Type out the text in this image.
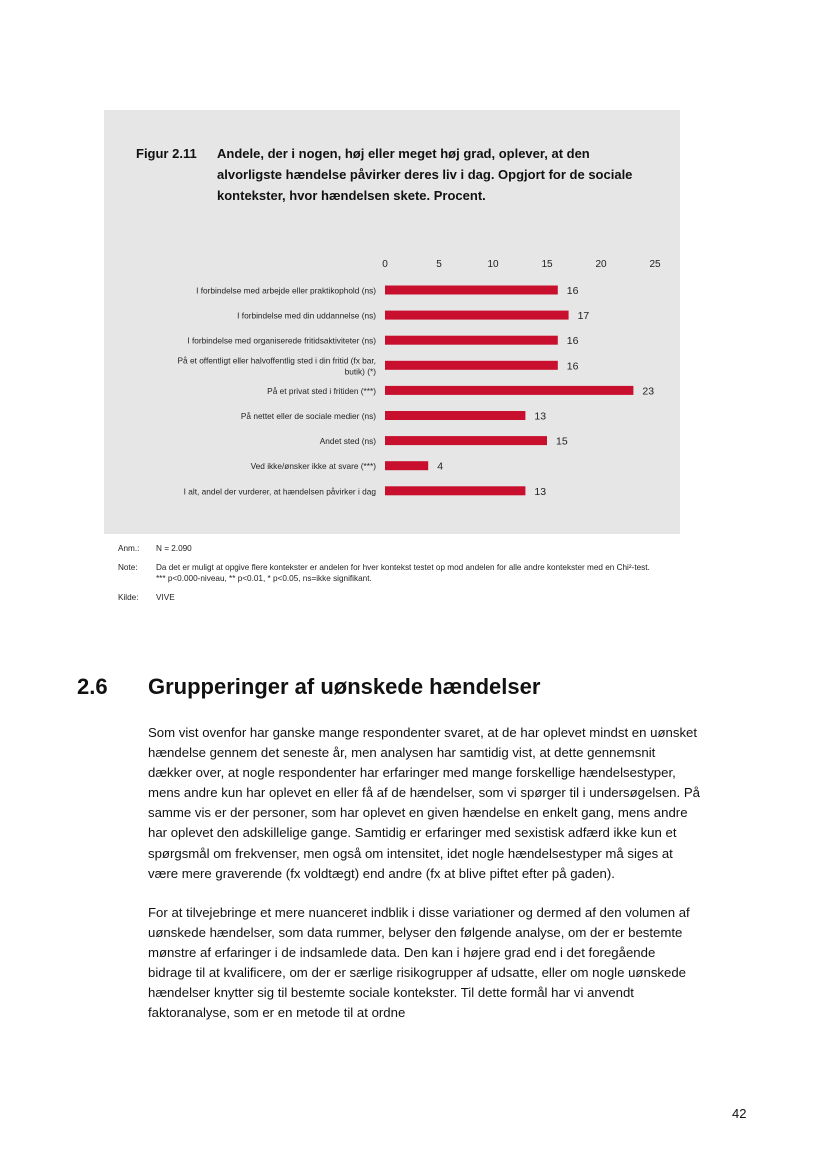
Figur 2.11 Andele, der i nogen, høj eller meget høj grad, oplever, at den alvorligste hændelse påvirker deres liv i dag. Opgjort for de sociale kontekster, hvor hændelsen skete. Procent.
0	5	10	15	20	25
16
I forbindelse med arbejde eller praktikophold (ns)
17
I forbindelse med din uddannelse (ns)
16
I forbindelse med organiserede fritidsaktiviteter (ns)
16
På et offentligt eller halvoffentlig sted i din fritid (fx bar, butik) (*)
23
På et privat sted i fritiden (***)
13
På nettet eller de sociale medier (ns)
15
Andet sted (ns)
4
Ved ikke/ønsker ikke at svare (***)
13
I alt, andel der vurderer, at hændelsen påvirker i dag
Anm.:	N = 2.090
Note:	Da det er muligt at opgive flere kontekster er andelen for hver kontekst testet op mod andelen for alle andre kontekster med en Chi²-test. *** p<0.000-niveau, ** p<0.01, * p<0.05, ns=ikke signifikant.
Kilde:	VIVE
2.6 Grupperinger af uønskede hændelser

Som vist ovenfor har ganske mange respondenter svaret, at de har oplevet mindst en uønsket hændelse gennem det seneste år, men analysen har samtidig vist, at dette gennemsnit dækker over, at nogle respondenter har erfaringer med mange forskellige hændelsestyper, mens andre kun har oplevet en eller få af de hændelser, som vi spørger til i undersøgelsen. På samme vis er der personer, som har oplevet en given hændelse en enkelt gang, mens andre har oplevet den adskillelige gange. Samtidig er erfaringer med sexistisk adfærd ikke kun et spørgsmål om frekvenser, men også om intensitet, idet nogle hændelsestyper må siges at være mere graverende (fx voldtægt) end andre (fx at blive piftet efter på gaden).

For at tilvejebringe et mere nuanceret indblik i disse variationer og dermed af den volumen af uønskede hændelser, som data rummer, belyser den følgende analyse, om der er bestemte mønstre af erfaringer i de indsamlede data. Den kan i højere grad end i det foregående bidrage til at kvalificere, om der er særlige risikogrupper af udsatte, eller om nogle uønskede hændelser knytter sig til bestemte sociale kontekster. Til dette formål har vi anvendt faktoranalyse, som er en metode til at ordne

42
